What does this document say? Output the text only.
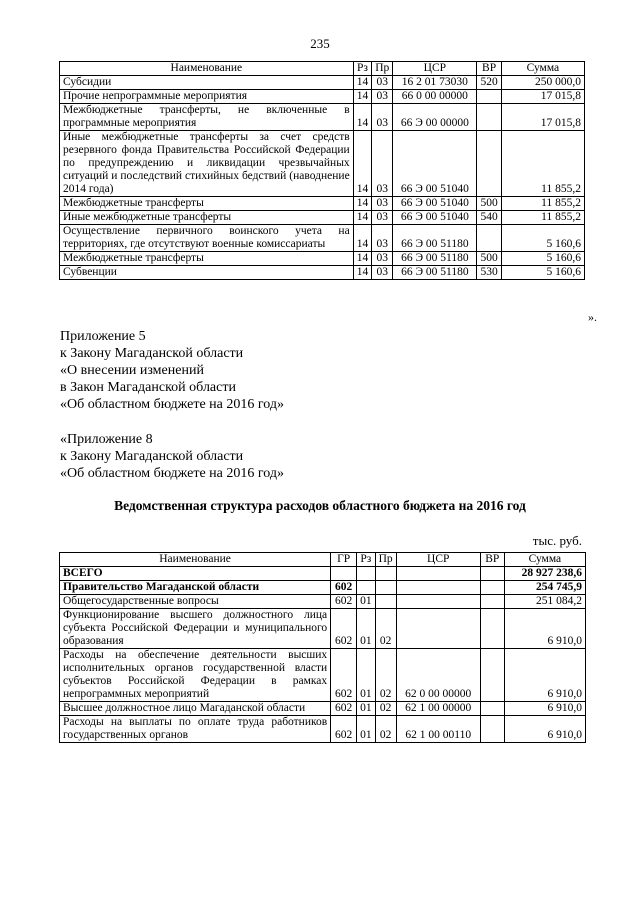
235
Наименование	Рз	Пр	ЦСР	ВР	Сумма
Субсидии	14	03	16 2 01 73030	520	250 000,0
Прочие непрограммные мероприятия	14	03	66 0 00 00000		17 015,8
Межбюджетные трансферты, не включенные в программные мероприятия	14	03	66 Э 00 00000		17 015,8
Иные межбюджетные трансферты за счет средств резервного фонда Правительства Российской Федерации по предупреждению и ликвидации чрезвычайных ситуаций и последствий стихийных бедствий (наводнение 2014 года)	14	03	66 Э 00 51040		11 855,2
Межбюджетные трансферты	14	03	66 Э 00 51040	500	11 855,2
Иные межбюджетные трансферты	14	03	66 Э 00 51040	540	11 855,2
Осуществление первичного воинского учета на территориях, где отсутствуют военные комиссариаты	14	03	66 Э 00 51180		5 160,6
Межбюджетные трансферты	14	03	66 Э 00 51180	500	5 160,6
Субвенции	14	03	66 Э 00 51180	530	5 160,6
».
Приложение 5
к Закону Магаданской области
«О внесении изменений
в Закон Магаданской области
«Об областном бюджете на 2016 год»
«Приложение 8
к Закону Магаданской области
«Об областном бюджете на 2016 год»
Ведомственная структура расходов областного бюджета на 2016 год
тыс. руб.
Наименование	ГР	Рз	Пр	ЦСР	ВР	Сумма
ВСЕГО						28 927 238,6
Правительство Магаданской области	602					254 745,9
Общегосударственные вопросы	602	01				251 084,2
Функционирование высшего должностного лица субъекта Российской Федерации и муниципального образования	602	01	02			6 910,0
Расходы на обеспечение деятельности высших исполнительных органов государственной власти субъектов Российской Федерации в рамках непрограммных мероприятий	602	01	02	62 0 00 00000		6 910,0
Высшее должностное лицо Магаданской области	602	01	02	62 1 00 00000		6 910,0
Расходы на выплаты по оплате труда работников государственных органов	602	01	02	62 1 00 00110		6 910,0
